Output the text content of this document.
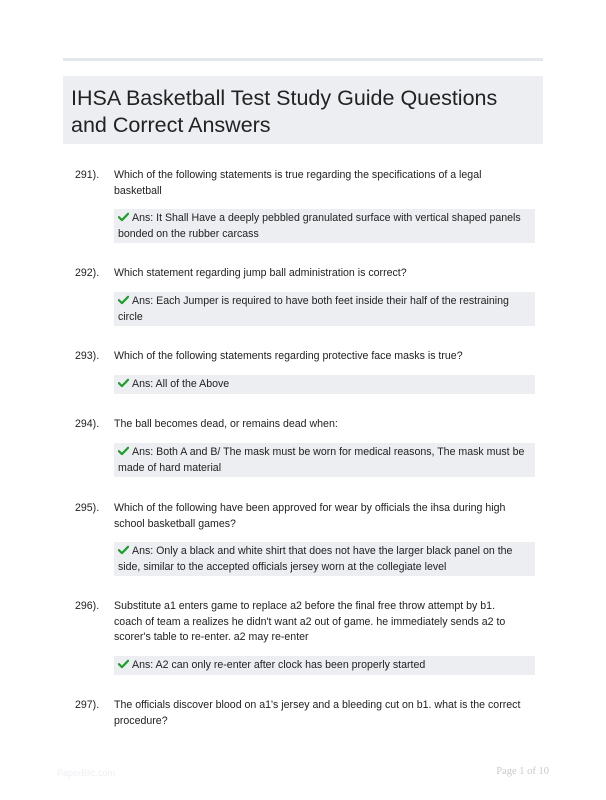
IHSA Basketball Test Study Guide Questions and Correct Answers
291). Which of the following statements is true regarding the specifications of a legal basketball
Ans: It Shall Have a deeply pebbled granulated surface with vertical shaped panels bonded on the rubber carcass
292). Which statement regarding jump ball administration is correct?
Ans: Each Jumper is required to have both feet inside their half of the restraining circle
293). Which of the following statements regarding protective face masks is true?
Ans: All of the Above
294). The ball becomes dead, or remains dead when:
Ans: Both A and B/ The mask must be worn for medical reasons, The mask must be made of hard material
295). Which of the following have been approved for wear by officials the ihsa during high school basketball games?
Ans: Only a black and white shirt that does not have the larger black panel on the side, similar to the accepted officials jersey worn at the collegiate level
296). Substitute a1 enters game to replace a2 before the final free throw attempt by b1. coach of team a realizes he didn't want a2 out of game. he immediately sends a2 to scorer's table to re-enter. a2 may re-enter
Ans: A2 can only re-enter after clock has been properly started
297). The officials discover blood on a1's jersey and a bleeding cut on b1. what is the correct procedure?
PaperBlic.com	Page 1 of 10
